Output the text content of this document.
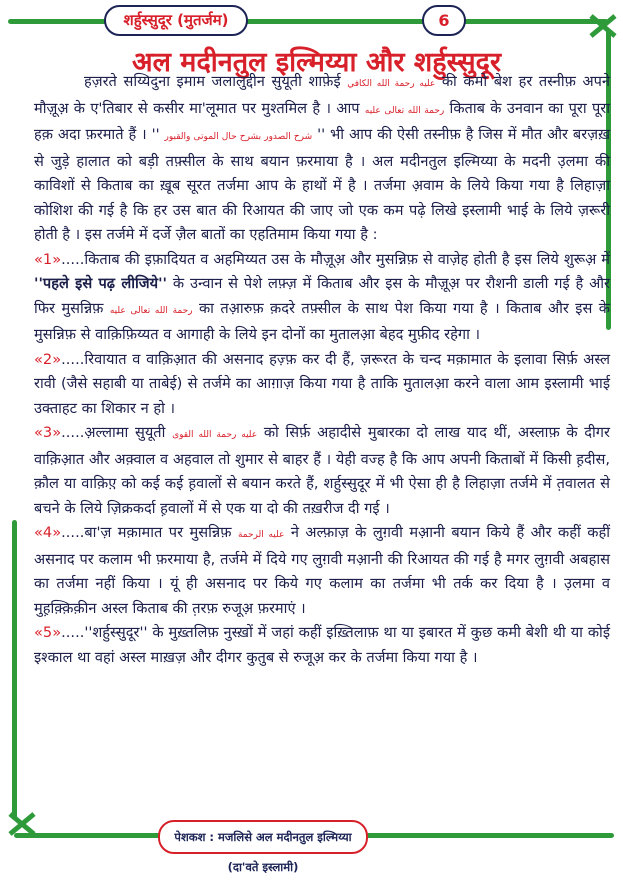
शर्हुस्सुदूर (मुतर्जम)	6
अल मदीनतुल इल्मिय्या और शर्हुस्सुदूर

हज़रते सय्यिदुना इमाम जलालुद्दीन सुयूती शाफ़ेई عليه رحمة الله الكافي की कमो बेश हर तस्नीफ़ अपने मौज़ूअ़ के ए'तिबार से कसीर मा'लूमात पर मुश्तमिल है । आप رحمة الله تعالى عليه किताब के उनवान का पूरा पूरा हक़ अदा फ़रमाते हैं । '' شرح الصدور بشرح حال الموتى والقبور '' भी आप की ऐसी तस्नीफ़ है जिस में मौत और बरज़ख़ से जुड़े हालात को बड़ी तफ़्सील के साथ बयान फ़रमाया है । अल मदीनतुल इल्मिय्या के मदनी उ़लमा की काविशों से किताब का ख़ूब सूरत तर्जमा आप के हाथों में है । तर्जमा अ़वाम के लिये किया गया है लिहाज़ा कोशिश की गई है कि हर उस बात की रिआयत की जाए जो एक कम पढ़े लिखे इस्लामी भाई के लिये ज़रूरी होती है । इस तर्जमे में दर्जे ज़ैल बातों का एहतिमाम किया गया है :

«1».....किताब की इफ़ादियत व अहमिय्यत उस के मौज़ूअ़ और मुसन्निफ़ से वाज़ेह होती है इस लिये शुरूअ़ में ''पहले इसे पढ़ लीजिये'' के उन्वान से पेशे लफ़्ज़ में किताब और इस के मौज़ूअ़ पर रौशनी डाली गई है और फिर मुसन्निफ़ رحمة الله تعالى عليه का तआ़रुफ़ क़दरे तफ़्सील के साथ पेश किया गया है । किताब और इस के मुसन्निफ़ से वाक़िफ़िय्यत व आगाही के लिये इन दोनों का मुतालआ़ बेहद मुफ़ीद रहेगा ।

«2».....रिवायात व वाक़िआ़त की असनाद हज़्फ़ कर दी हैं, ज़रूरत के चन्द मक़ामात के इलावा सिर्फ़ अस्ल रावी (जैसे सहाबी या ताबेई) से तर्जमे का आग़ाज़ किया गया है ताकि मुतालआ़ करने वाला आम इस्लामी भाई उक्ताहट का शिकार न हो ।

«3».....अ़ल्लामा सुयूती عليه رحمة الله القوى को सिर्फ़ अहादीसे मुबारका दो लाख याद थीं, अस्लाफ़ के दीगर वाक़िआ़त और अक़्वाल व अहवाल तो शुमार से बाहर हैं । येही वज्ह है कि आप अपनी किताबों में किसी ह़दीस, क़ौल या वाक़िए़ को कई कई ह़वालों से बयान करते हैं, शर्हुस्सुदूर में भी ऐसा ही है लिहाज़ा तर्जमे में त़वालत से बचने के लिये ज़िक्रकर्दा ह़वालों में से एक या दो की तख़रीज दी गई ।

«4».....बा'ज़ मक़ामात पर मुसन्निफ़ عليه الرحمة ने अल्फ़ाज़ के लुग़वी मआ़नी बयान किये हैं और कहीं कहीं असनाद पर कलाम भी फ़रमाया है, तर्जमे में दिये गए लुग़वी मआ़नी की रिआयत की गई है मगर लुग़वी अबहास का तर्जमा नहीं किया । यूं ही असनाद पर किये गए कलाम का तर्जमा भी तर्क कर दिया है । उ़लमा व मुह़क़्क़िक़ीन अस्ल किताब की त़रफ़ रुजूअ़ फ़रमाएं ।

«5».....''शर्हुस्सुदूर'' के मुख़्तलिफ़ नुस्ख़ों में जहां कहीं इख़्तिलाफ़ था या इबारत में कुछ कमी बेशी थी या कोई इश्काल था वहां अस्ल माख़ज़ और दीगर कुतुब से रुजूअ़ कर के तर्जमा किया गया है ।

पेशकश : मजलिसे अल मदीनतुल इल्मिय्या (दा'वते इस्लामी)
